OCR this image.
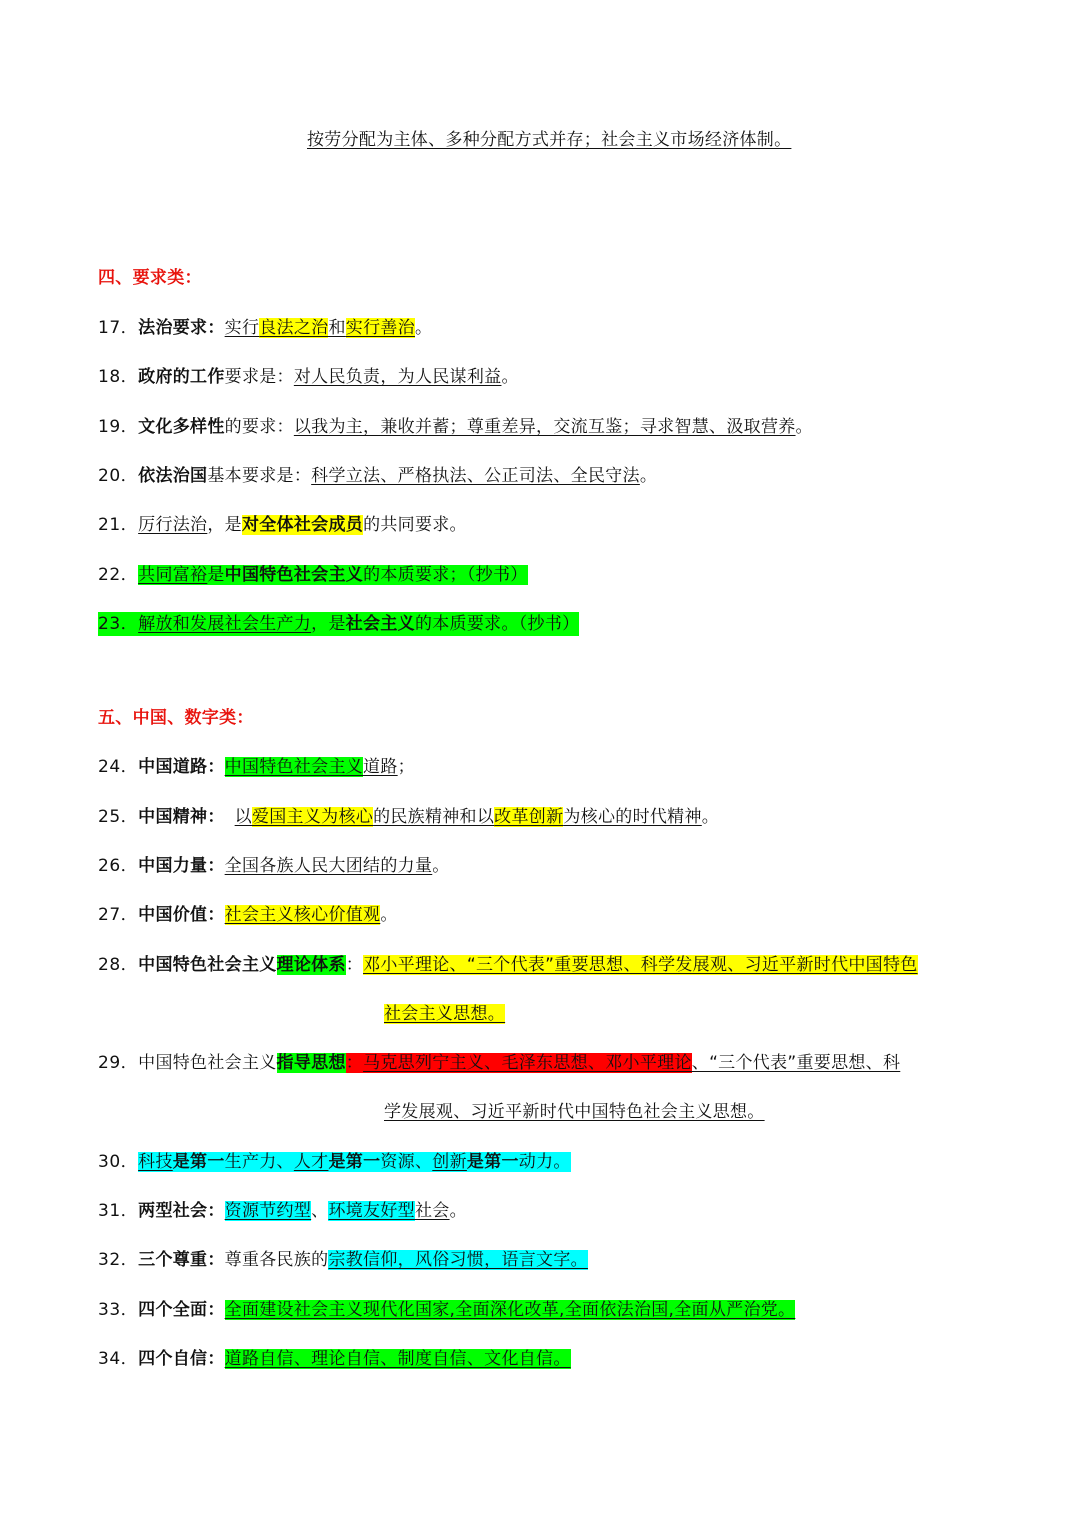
按劳分配为主体、多种分配方式并存；社会主义市场经济体制。
四、要求类：
17．法治要求：实行良法之治和实行善治。
18．政府的工作要求是：对人民负责，为人民谋利益。
19．文化多样性的要求：以我为主，兼收并蓄；尊重差异，交流互鉴；寻求智慧、汲取营养。
20．依法治国基本要求是：科学立法、严格执法、公正司法、全民守法。
21．厉行法治，是对全体社会成员的共同要求。
22．共同富裕是中国特色社会主义的本质要求；（抄书）
23．解放和发展社会生产力，是社会主义的本质要求。（抄书）
五、中国、数字类：
24．中国道路：中国特色社会主义道路；
25．中国精神： 以爱国主义为核心的民族精神和以改革创新为核心的时代精神。
26．中国力量：全国各族人民大团结的力量。
27．中国价值：社会主义核心价值观。
28．中国特色社会主义理论体系：邓小平理论、“三个代表”重要思想、科学发展观、习近平新时代中国特色
社会主义思想。
29．中国特色社会主义指导思想：马克思列宁主义、毛泽东思想、邓小平理论、“三个代表”重要思想、科
学发展观、习近平新时代中国特色社会主义思想。
30．科技是第一生产力、人才是第一资源、创新是第一动力。
31．两型社会：资源节约型、环境友好型社会。
32．三个尊重：尊重各民族的宗教信仰，风俗习惯，语言文字。
33．四个全面：全面建设社会主义现代化国家,全面深化改革,全面依法治国,全面从严治党。
34．四个自信：道路自信、理论自信、制度自信、文化自信。
